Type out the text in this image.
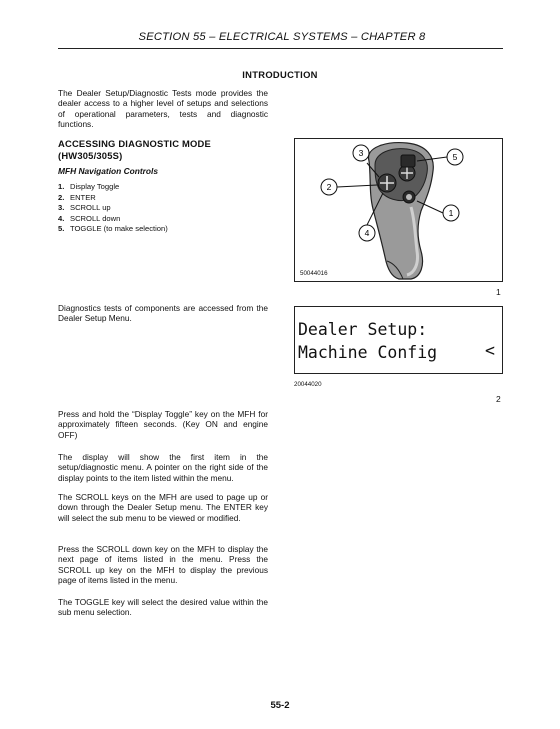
SECTION 55 – ELECTRICAL SYSTEMS – CHAPTER 8
INTRODUCTION
The Dealer Setup/Diagnostic Tests mode provides the dealer access to a higher level of setups and selections of operational parameters, tests and diagnostic functions.
ACCESSING DIAGNOSTIC MODE
(HW305/305S)
MFH Navigation Controls
1. Display Toggle
2. ENTER
3. SCROLL up
4. SCROLL down
5. TOGGLE (to make selection)
3
2
4
1
5
50044016
1
Diagnostics tests of components are accessed from the Dealer Setup Menu.
Dealer Setup:
Machine Config	<
20044020
2
Press and hold the “Display Toggle” key on the MFH for approximately fifteen seconds. (Key ON and engine OFF)
The display will show the first item in the setup/diagnostic menu. A pointer on the right side of the display points to the item listed within the menu.
The SCROLL keys on the MFH are used to page up or down through the Dealer Setup menu. The ENTER key will select the sub menu to be viewed or modified.
Press the SCROLL down key on the MFH to display the next page of items listed in the menu. Press the SCROLL up key on the MFH to display the previous page of items listed in the menu.
The TOGGLE key will select the desired value within the sub menu selection.
55-2
